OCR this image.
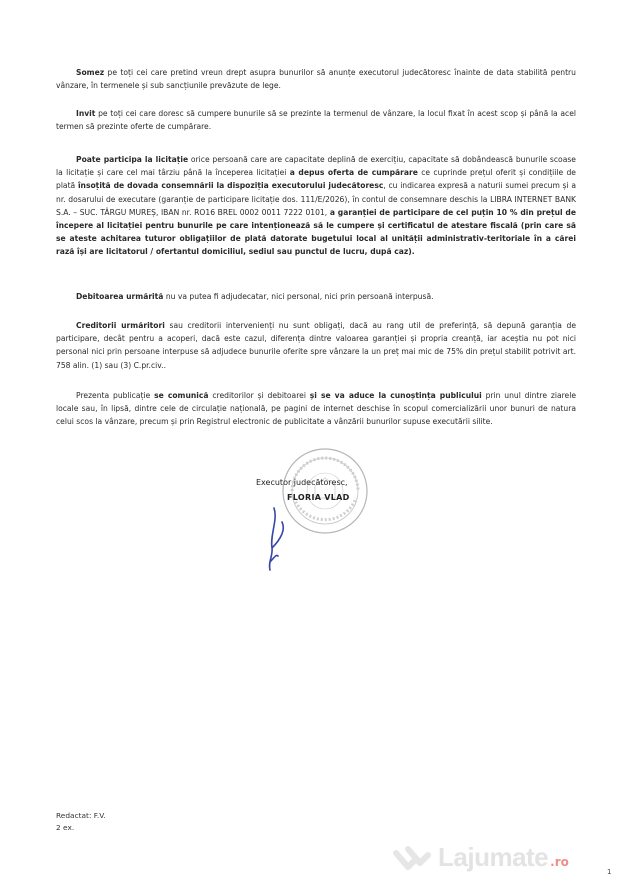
Somez pe toți cei care pretind vreun drept asupra bunurilor să anunțe executorul judecătoresc înainte de data stabilită pentru vânzare, în termenele și sub sancțiunile prevăzute de lege.

Invit pe toți cei care doresc să cumpere bunurile să se prezinte la termenul de vânzare, la locul fixat în acest scop și până la acel termen să prezinte oferte de cumpărare.

Poate participa la licitație orice persoană care are capacitate deplină de exercițiu, capacitate să dobândească bunurile scoase la licitație și care cel mai târziu până la începerea licitației a depus oferta de cumpărare ce cuprinde prețul oferit și condițiile de plată însoțită de dovada consemnării la dispoziția executorului judecătoresc, cu indicarea expresă a naturii sumei precum și a nr. dosarului de executare (garanție de participare licitație dos. 111/E/2026), în contul de consemnare deschis la LIBRA INTERNET BANK S.A. – SUC. TÂRGU MUREȘ, IBAN nr. RO16 BREL 0002 0011 7222 0101, a garanției de participare de cel puțin 10 % din prețul de începere al licitației pentru bunurile pe care intenționează să le cumpere și certificatul de atestare fiscală (prin care să se ateste achitarea tuturor obligațiilor de plată datorate bugetului local al unității administrativ-teritoriale în a cărei rază își are licitatorul / ofertantul domiciliul, sediul sau punctul de lucru, după caz).

Debitoarea urmărită nu va putea fi adjudecatar, nici personal, nici prin persoană interpusă.

Creditorii urmăritori sau creditorii intervenienți nu sunt obligați, dacă au rang util de preferință, să depună garanția de participare, decât pentru a acoperi, dacă este cazul, diferența dintre valoarea garanției și propria creanță, iar aceștia nu pot nici personal nici prin persoane interpuse să adjudece bunurile oferite spre vânzare la un preț mai mic de 75% din prețul stabilit potrivit art. 758 alin. (1) sau (3) C.pr.civ..

Prezenta publicație se comunică creditorilor și debitoarei și se va aduce la cunoștința publicului prin unul dintre ziarele locale sau, în lipsă, dintre cele de circulație națională, pe pagini de internet deschise în scopul comercializării unor bunuri de natura celui scos la vânzare, precum și prin Registrul electronic de publicitate a vânzării bunurilor supuse executării silite.

Executor judecătoresc,
FLORIA VLAD
Redactat: F.V.
2 ex.
Lajumate .ro
1
